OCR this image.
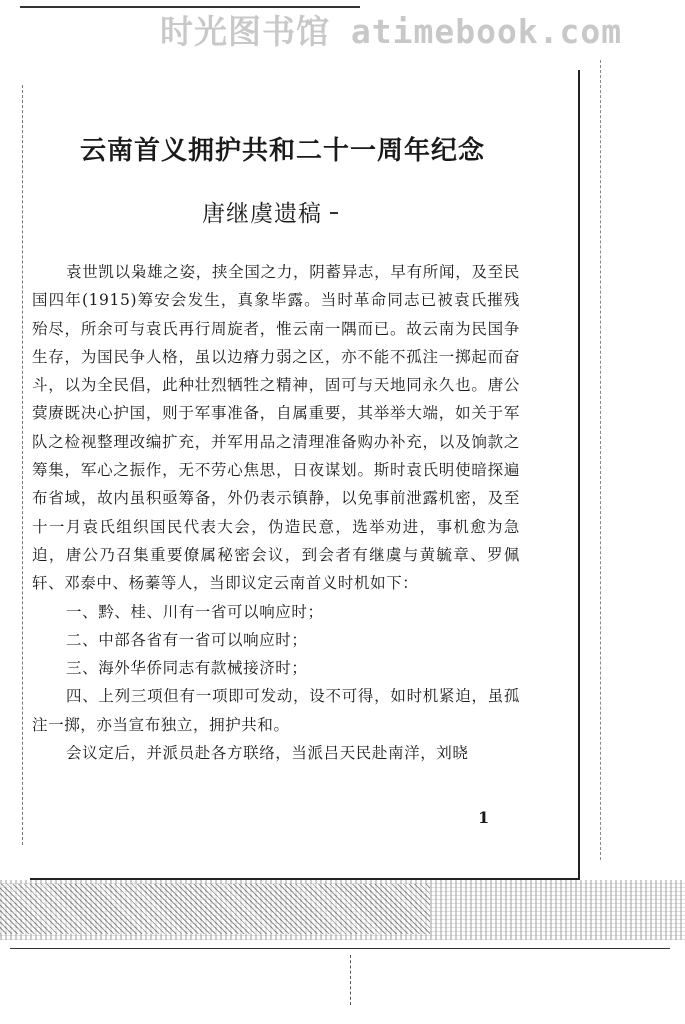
时光图书馆 atimebook.com
云南首义拥护共和二十一周年纪念
唐继虞遗稿

袁世凯以枭雄之姿，挟全国之力，阴蓄异志，早有所闻，及至民国四年(1915)筹安会发生，真象毕露。当时革命同志已被袁氏摧残殆尽，所余可与袁氏再行周旋者，惟云南一隅而已。故云南为民国争生存，为国民争人格，虽以边瘠力弱之区，亦不能不孤注一掷起而奋斗，以为全民倡，此种壮烈牺牲之精神，固可与天地同永久也。唐公蓂赓既决心护国，则于军事准备，自属重要，其举举大端，如关于军队之检视整理改编扩充，并军用品之清理准备购办补充，以及饷款之筹集，军心之振作，无不劳心焦思，日夜谋划。斯时袁氏明使暗探遍布省域，故内虽积亟筹备，外仍表示镇静，以免事前泄露机密，及至十一月袁氏组织国民代表大会，伪造民意，选举劝进，事机愈为急迫，唐公乃召集重要僚属秘密会议，到会者有继虞与黄毓章、罗佩轩、邓泰中、杨蓁等人，当即议定云南首义时机如下：

一、黔、桂、川有一省可以响应时；

二、中部各省有一省可以响应时；

三、海外华侨同志有款械接济时；

四、上列三项但有一项即可发动，设不可得，如时机紧迫，虽孤注一掷，亦当宣布独立，拥护共和。

会议定后，并派员赴各方联络，当派吕天民赴南洋，刘晓

1
